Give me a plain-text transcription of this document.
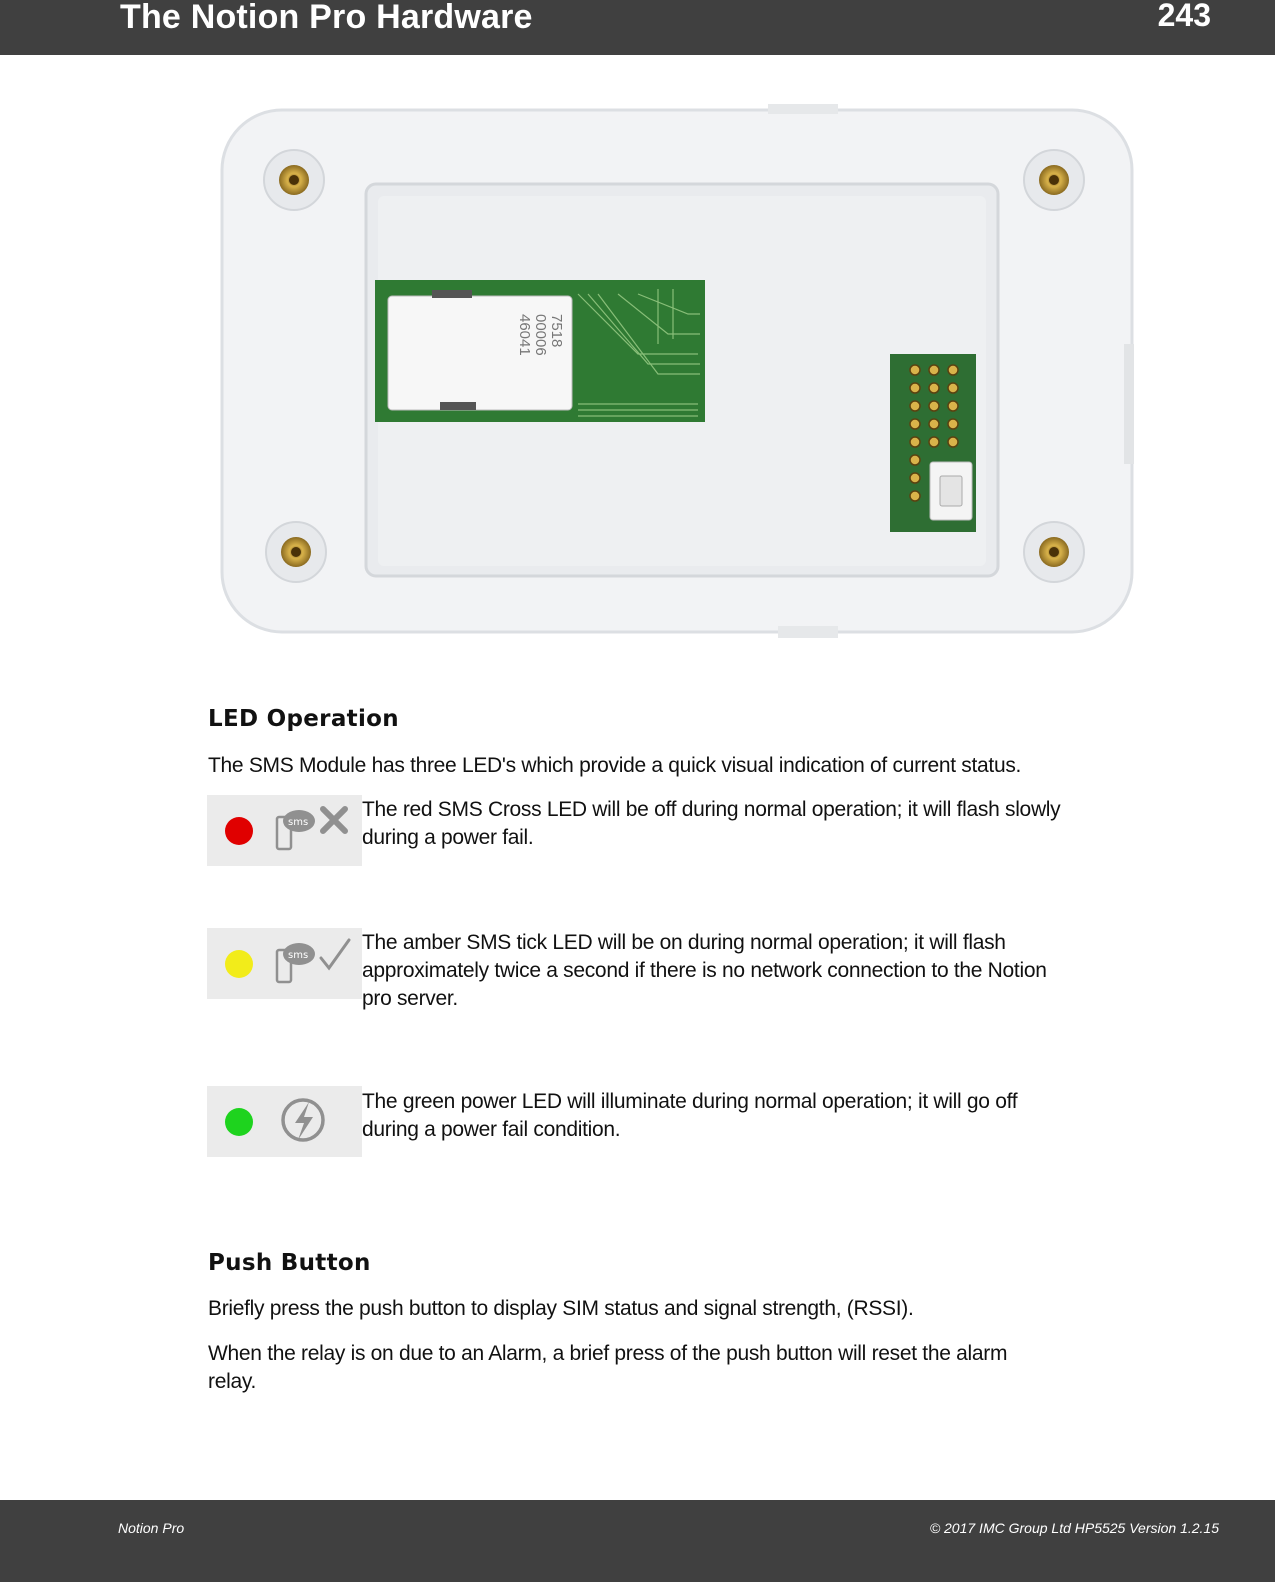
The Notion Pro Hardware	243
46041 00006 7518
LED Operation

The SMS Module has three LED's which provide a quick visual indication of current status.

sms

The red SMS Cross LED will be off during normal operation; it will flash slowly
during a power fail.

sms

The amber SMS tick LED will be on during normal operation; it will flash
approximately twice a second if there is no network connection to the Notion
pro server.

The green power LED will illuminate during normal operation; it will go off
during a power fail condition.

Push Button

Briefly press the push button to display SIM status and signal strength, (RSSI).

When the relay is on due to an Alarm, a brief press of the push button will reset the alarm
relay.

Notion Pro	© 2017 IMC Group Ltd HP5525 Version 1.2.15
